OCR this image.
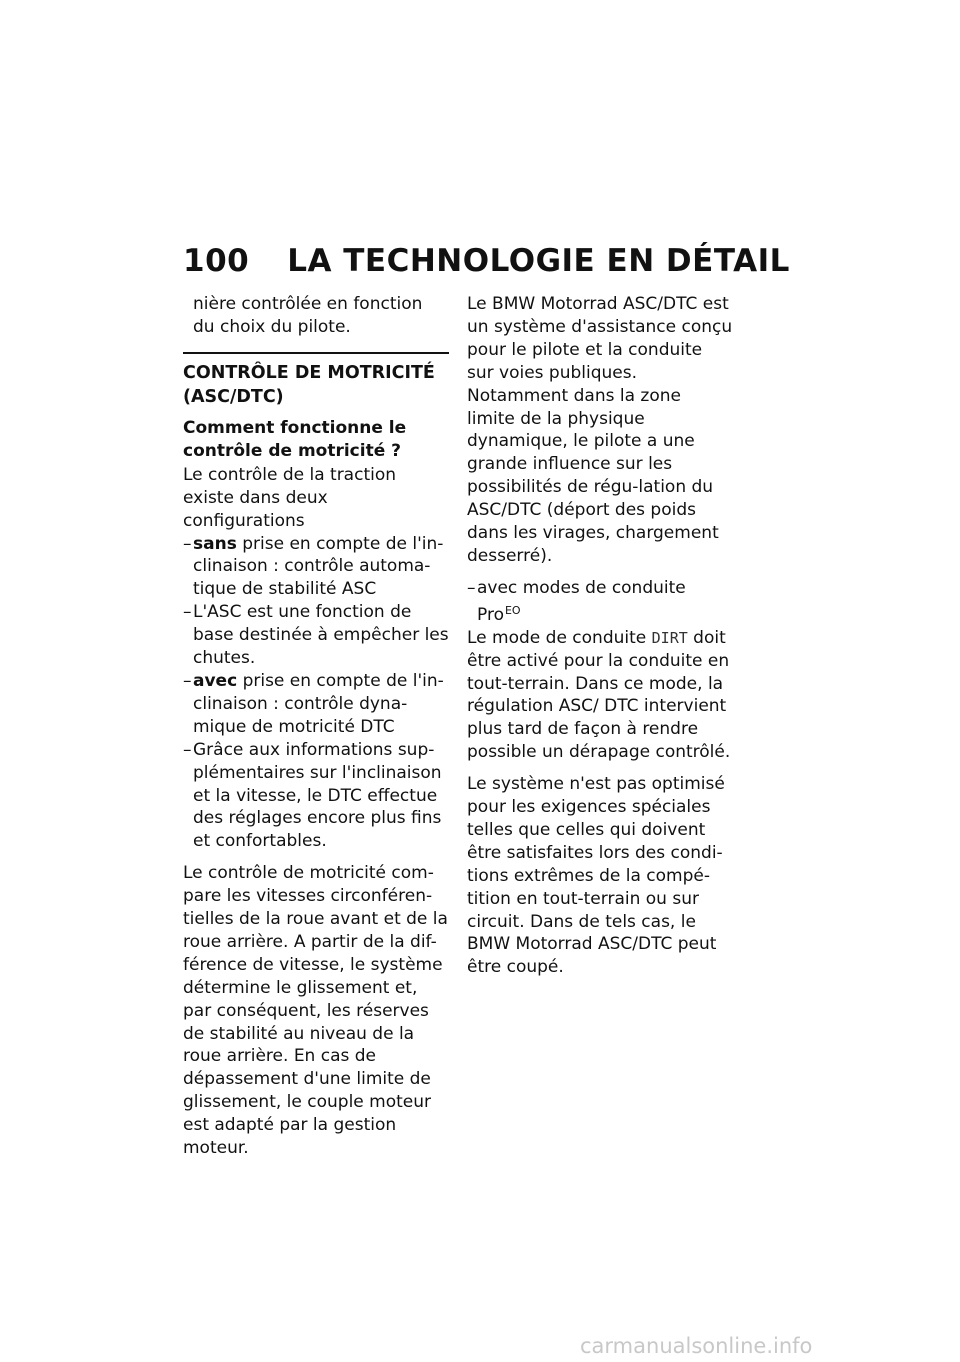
100 LA TECHNOLOGIE EN DÉTAIL
nière contrôlée en fonction du choix du pilote.
CONTRÔLE DE MOTRICITÉ (ASC/DTC)
Comment fonctionne le contrôle de motricité ?
Le contrôle de la traction existe dans deux configurations
– sans prise en compte de l'in-clinaison : contrôle automa-tique de stabilité ASC
– L'ASC est une fonction de base destinée à empêcher les chutes.
– avec prise en compte de l'in-clinaison : contrôle dyna-mique de motricité DTC
– Grâce aux informations sup-plémentaires sur l'inclinaison et la vitesse, le DTC effectue des réglages encore plus fins et confortables.
Le contrôle de motricité com-pare les vitesses circonféren-tielles de la roue avant et de la roue arrière. A partir de la dif-férence de vitesse, le système détermine le glissement et, par conséquent, les réserves de stabilité au niveau de la roue arrière. En cas de dépassement d'une limite de glissement, le couple moteur est adapté par la gestion moteur.
Le BMW Motorrad ASC/DTC est un système d'assistance conçu pour le pilote et la conduite sur voies publiques. Notamment dans la zone limite de la physique dynamique, le pilote a une grande influence sur les possibilités de régu-lation du ASC/DTC (déport des poids dans les virages, chargement desserré).
– avec modes de conduite Pro$^{EO}$
Le mode de conduite DIRT doit être activé pour la conduite en tout-terrain. Dans ce mode, la régulation ASC/ DTC intervient plus tard de façon à rendre possible un dérapage contrôlé.
Le système n'est pas optimisé pour les exigences spéciales telles que celles qui doivent être satisfaites lors des condi-tions extrêmes de la compé-tition en tout-terrain ou sur circuit. Dans de tels cas, le BMW Motorrad ASC/DTC peut être coupé.
carmanualsonline.info
